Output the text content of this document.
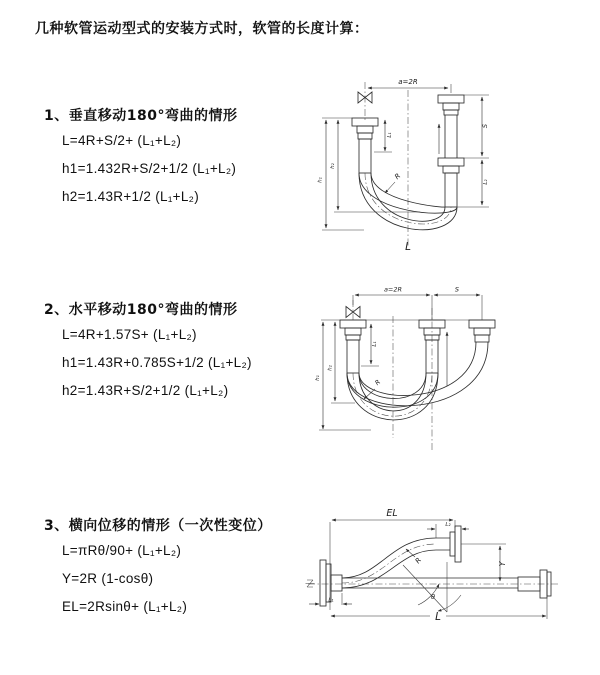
几种软管运动型式的安装方式时，软管的长度计算：
1、垂直移动180°弯曲的情形
L=4R+S/2+ (L₁+L₂)
h1=1.432R+S/2+1/2 (L₁+L₂)
h2=1.43R+1/2 (L₁+L₂)
2、水平移动180°弯曲的情形
L=4R+1.57S+ (L₁+L₂)
h1=1.43R+0.785S+1/2 (L₁+L₂)
h2=1.43R+S/2+1/2 (L₁+L₂)
3、横向位移的情形（一次性变位）
L=πRθ/90+ (L₁+L₂)
Y=2R (1-cosθ)
EL=2Rsinθ+ (L₁+L₂)
a=2R
h₁
h₂
L₁
S
L₂
R
L
a=2R	S
h₁
h₂
L₁
R
EL
L₂
θ
R	Y
L
L₁
